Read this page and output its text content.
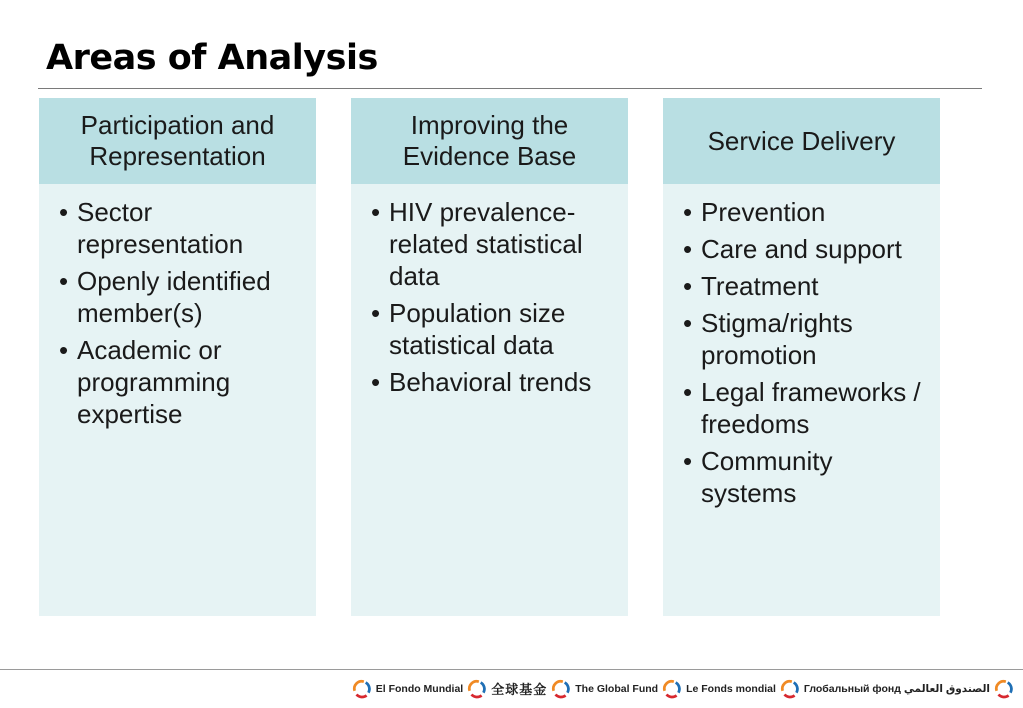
Areas of Analysis
Participation and
Representation
• Sector representation
• Openly identified member(s)
• Academic or programming expertise
Improving the
Evidence Base
• HIV prevalence-related statistical data
• Population size statistical data
• Behavioral trends
Service Delivery
• Prevention
• Care and support
• Treatment
• Stigma/rights promotion
• Legal frameworks / freedoms
• Community systems
El Fondo Mundial 全球基金	The Global Fund	Le Fonds mondial	Глобальный фонд الصندوق العالمي
